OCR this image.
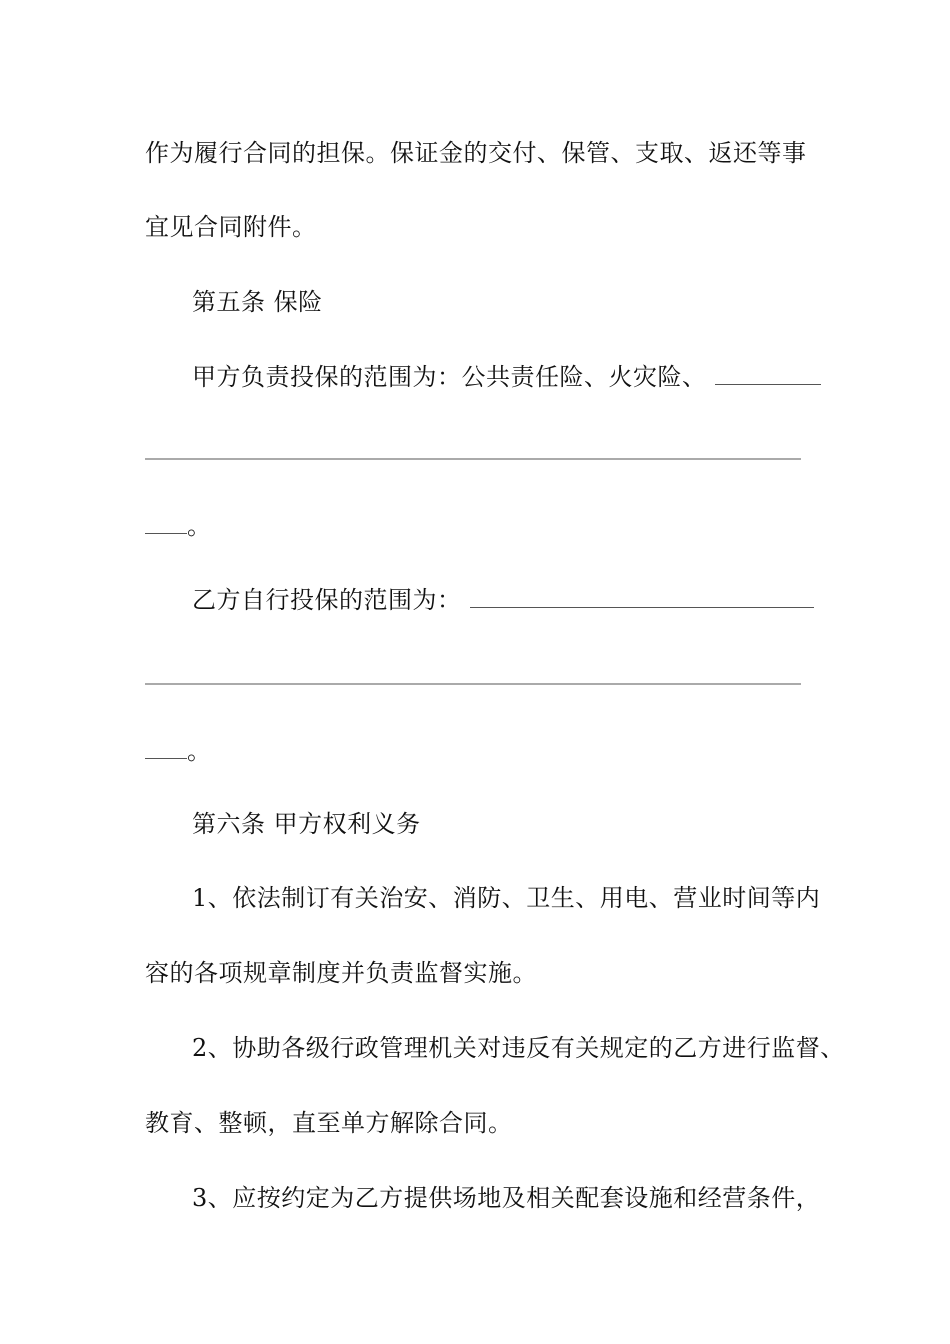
作为履行合同的担保。保证金的交付、保管、支取、返还等事
宜见合同附件。
第五条 保险
甲方负责投保的范围为：公共责任险、火灾险、
。
乙方自行投保的范围为：
。
第六条 甲方权利义务
1、依法制订有关治安、消防、卫生、用电、营业时间等内
容的各项规章制度并负责监督实施。
2、协助各级行政管理机关对违反有关规定的乙方进行监督、
教育、整顿，直至单方解除合同。
3、应按约定为乙方提供场地及相关配套设施和经营条件，
